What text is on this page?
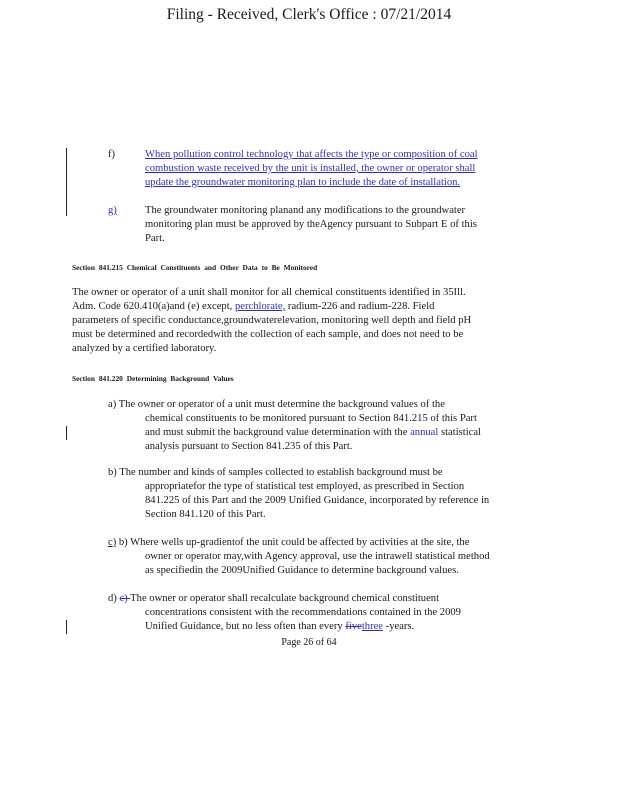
Filing - Received, Clerk's Office : 07/21/2014
f)	When pollution control technology that affects the type or composition of coal
combustion waste received by the unit is installed, the owner or operator shall
update the groundwater monitoring plan to include the date of installation.
g)	The groundwater monitoring planand any modifications to the groundwater
monitoring plan must be approved by theAgency pursuant to Subpart E of this
Part.
Section 841.215 Chemical Constituents and Other Data to Be Monitored
The owner or operator of a unit shall monitor for all chemical constituents identified in 35Ill.
Adm. Code 620.410(a)and (e) except, perchlorate, radium-226 and radium-228. Field
parameters of specific conductance,groundwaterelevation, monitoring well depth and field pH
must be determined and recordedwith the collection of each sample, and does not need to be
analyzed by a certified laboratory.
Section 841.220 Determining Background Values
a) The owner or operator of a unit must determine the background values of the
chemical constituents to be monitored pursuant to Section 841.215 of this Part
and must submit the background value determination with the annual statistical
analysis pursuant to Section 841.235 of this Part.
b) The number and kinds of samples collected to establish background must be
appropriatefor the type of statistical test employed, as prescribed in Section
841.225 of this Part and the 2009 Unified Guidance, incorporated by reference in
Section 841.120 of this Part.
c) b) Where wells up-gradientof the unit could be affected by activities at the site, the
owner or operator may,with Agency approval, use the intrawell statistical method
as specifiedin the 2009Unified Guidance to determine background values.
d) c) The owner or operator shall recalculate background chemical constituent
concentrations consistent with the recommendations contained in the 2009
Unified Guidance, but no less often than every fivethree -years.
Page 26 of 64
